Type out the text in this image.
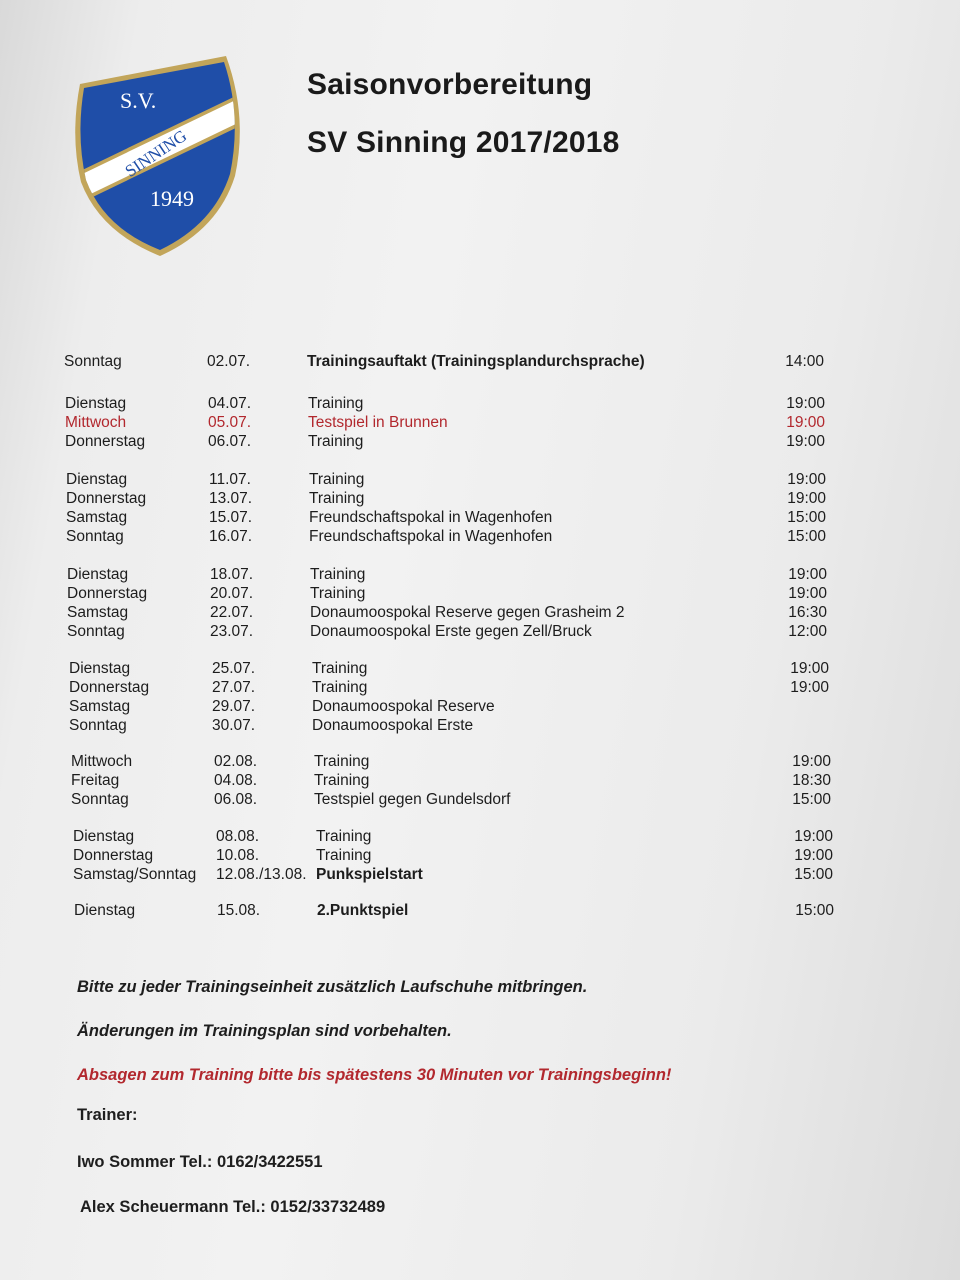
S.V.
SINNING
1949
Saisonvorbereitung
SV Sinning 2017/2018
Sonntag	02.07.	Trainingsauftakt (Trainingsplandurchsprache)	14:00
Dienstag	04.07.	Training	19:00
Mittwoch	05.07.	Testspiel in Brunnen	19:00
Donnerstag	06.07.	Training	19:00
Dienstag	11.07.	Training	19:00
Donnerstag	13.07.	Training	19:00
Samstag	15.07.	Freundschaftspokal in Wagenhofen	15:00
Sonntag	16.07.	Freundschaftspokal in Wagenhofen	15:00
Dienstag	18.07.	Training	19:00
Donnerstag	20.07.	Training	19:00
Samstag	22.07.	Donaumoospokal Reserve gegen Grasheim 2	16:30
Sonntag	23.07.	Donaumoospokal Erste gegen Zell/Bruck	12:00
Dienstag	25.07.	Training	19:00
Donnerstag	27.07.	Training	19:00
Samstag	29.07.	Donaumoospokal Reserve
Sonntag	30.07.	Donaumoospokal Erste
Mittwoch	02.08.	Training	19:00
Freitag	04.08.	Training	18:30
Sonntag	06.08.	Testspiel gegen Gundelsdorf	15:00
Dienstag	08.08.	Training	19:00
Donnerstag	10.08.	Training	19:00
Samstag/Sonntag 12.08./13.08. Punkspielstart	15:00
Dienstag	15.08.	2.Punktspiel	15:00
Bitte zu jeder Trainingseinheit zusätzlich Laufschuhe mitbringen.
Änderungen im Trainingsplan sind vorbehalten.
Absagen zum Training bitte bis spätestens 30 Minuten vor Trainingsbeginn!
Trainer:
Iwo Sommer Tel.: 0162/3422551
Alex Scheuermann Tel.: 0152/33732489
